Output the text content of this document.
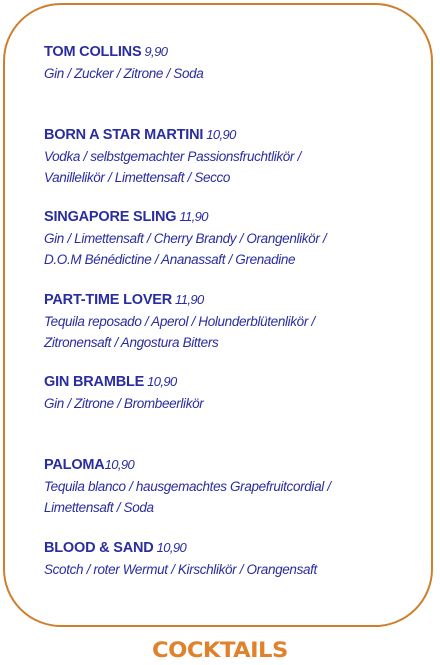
TOM COLLINS 9,90
Gin / Zucker / Zitrone / Soda
BORN A STAR MARTINI 10,90
Vodka / selbstgemachter Passionsfruchtlikör /
Vanillelikör / Limettensaft / Secco
SINGAPORE SLING 11,90
Gin / Limettensaft / Cherry Brandy / Orangenlikör /
D.O.M Bénédictine / Ananassaft / Grenadine
PART-TIME LOVER 11,90
Tequila reposado / Aperol / Holunderblütenlikör /
Zitronensaft / Angostura Bitters
GIN BRAMBLE 10,90
Gin / Zitrone / Brombeerlikör
PALOMA10,90
Tequila blanco / hausgemachtes Grapefruitcordial /
Limettensaft / Soda
BLOOD & SAND 10,90
Scotch / roter Wermut / Kirschlikör / Orangensaft
COCKTAILS
